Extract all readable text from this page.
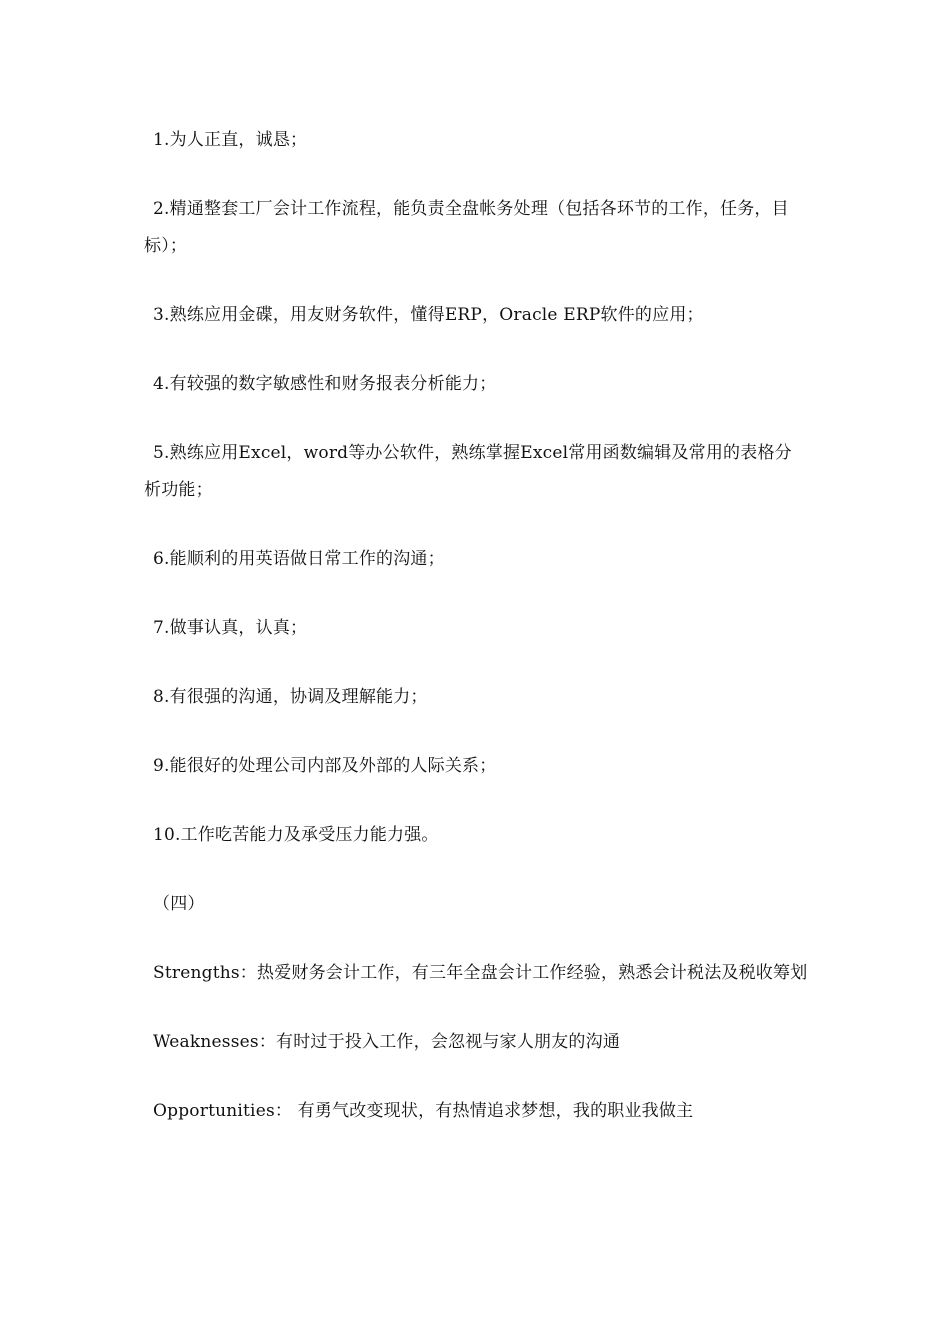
1.为人正直，诚恳；

2.精通整套工厂会计工作流程，能负责全盘帐务处理（包括各环节的工作，任务，目标）；

3.熟练应用金碟，用友财务软件，懂得ERP，Oracle ERP软件的应用；

4.有较强的数字敏感性和财务报表分析能力；

5.熟练应用Excel，word等办公软件，熟练掌握Excel常用函数编辑及常用的表格分析功能；

6.能顺利的用英语做日常工作的沟通；

7.做事认真，认真；

8.有很强的沟通，协调及理解能力；

9.能很好的处理公司内部及外部的人际关系；

10.工作吃苦能力及承受压力能力强。

（四）

Strengths：热爱财务会计工作，有三年全盘会计工作经验，熟悉会计税法及税收筹划

Weaknesses：有时过于投入工作，会忽视与家人朋友的沟通

Opportunities： 有勇气改变现状，有热情追求梦想，我的职业我做主
